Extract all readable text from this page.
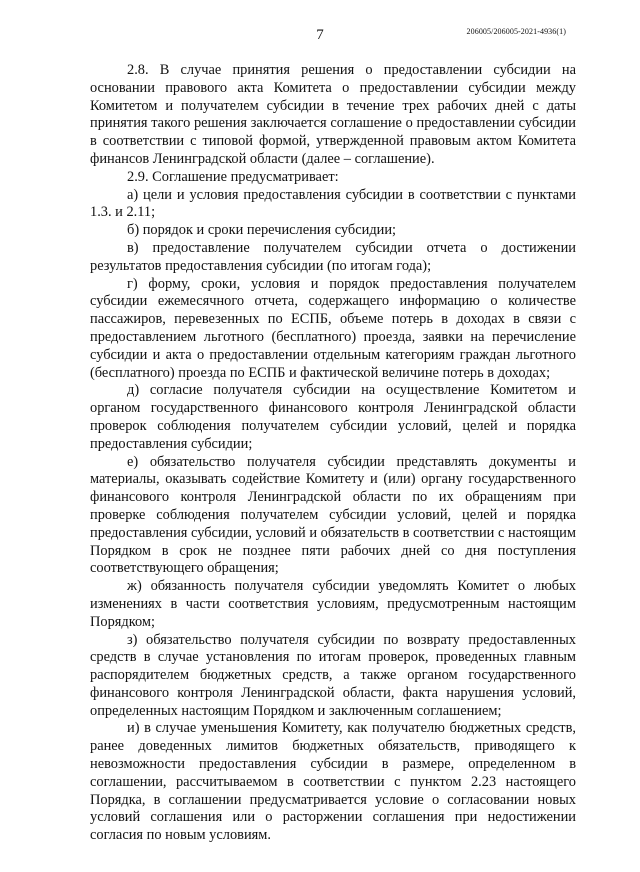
7	206005/206005-2021-4936(1)

2.8. В случае принятия решения о предоставлении субсидии на основании правового акта Комитета о предоставлении субсидии между Комитетом и получателем субсидии в течение трех рабочих дней с даты принятия такого решения заключается соглашение о предоставлении субсидии в соответствии с типовой формой, утвержденной правовым актом Комитета финансов Ленинградской области (далее – соглашение).

2.9. Соглашение предусматривает:

а) цели и условия предоставления субсидии в соответствии с пунктами 1.3. и 2.11;

б) порядок и сроки перечисления субсидии;

в) предоставление получателем субсидии отчета о достижении результатов предоставления субсидии (по итогам года);

г) форму, сроки, условия и порядок предоставления получателем субсидии ежемесячного отчета, содержащего информацию о количестве пассажиров, перевезенных по ЕСПБ, объеме потерь в доходах в связи с предоставлением льготного (бесплатного) проезда, заявки на перечисление субсидии и акта о предоставлении отдельным категориям граждан льготного (бесплатного) проезда по ЕСПБ и фактической величине потерь в доходах;

д) согласие получателя субсидии на осуществление Комитетом и органом государственного финансового контроля Ленинградской области проверок соблюдения получателем субсидии условий, целей и порядка предоставления субсидии;

е) обязательство получателя субсидии представлять документы и материалы, оказывать содействие Комитету и (или) органу государственного финансового контроля Ленинградской области по их обращениям при проверке соблюдения получателем субсидии условий, целей и порядка предоставления субсидии, условий и обязательств в соответствии с настоящим Порядком в срок не позднее пяти рабочих дней со дня поступления соответствующего обращения;

ж) обязанность получателя субсидии уведомлять Комитет о любых изменениях в части соответствия условиям, предусмотренным настоящим Порядком;

з) обязательство получателя субсидии по возврату предоставленных средств в случае установления по итогам проверок, проведенных главным распорядителем бюджетных средств, а также органом государственного финансового контроля Ленинградской области, факта нарушения условий, определенных настоящим Порядком и заключенным соглашением;

и) в случае уменьшения Комитету, как получателю бюджетных средств, ранее доведенных лимитов бюджетных обязательств, приводящего к невозможности предоставления субсидии в размере, определенном в соглашении, рассчитываемом в соответствии с пунктом 2.23 настоящего Порядка, в соглашении предусматривается условие о согласовании новых условий соглашения или о расторжении соглашения при недостижении согласия по новым условиям.
